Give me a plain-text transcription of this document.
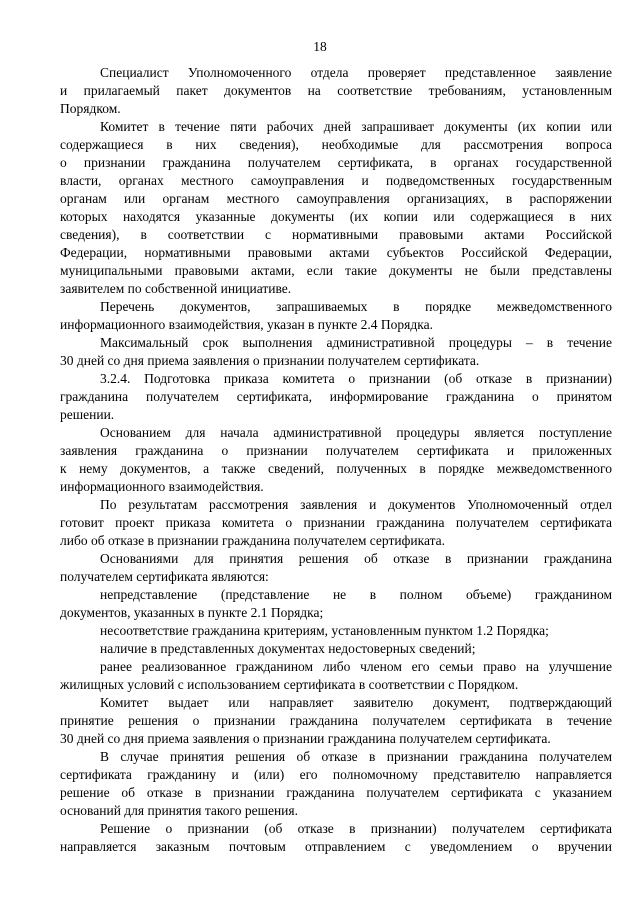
18
Специалист Уполномоченного отдела проверяет представленное заявление
и прилагаемый пакет документов на соответствие требованиям, установленным
Порядком.
Комитет в течение пяти рабочих дней запрашивает документы (их копии или
содержащиеся в них сведения), необходимые для рассмотрения вопроса
о признании гражданина получателем сертификата, в органах государственной
власти, органах местного самоуправления и подведомственных государственным
органам или органам местного самоуправления организациях, в распоряжении
которых находятся указанные документы (их копии или содержащиеся в них
сведения), в соответствии с нормативными правовыми актами Российской
Федерации, нормативными правовыми актами субъектов Российской Федерации,
муниципальными правовыми актами, если такие документы не были представлены
заявителем по собственной инициативе.
Перечень документов, запрашиваемых в порядке межведомственного
информационного взаимодействия, указан в пункте 2.4 Порядка.
Максимальный срок выполнения административной процедуры – в течение
30 дней со дня приема заявления о признании получателем сертификата.
3.2.4. Подготовка приказа комитета о признании (об отказе в признании)
гражданина получателем сертификата, информирование гражданина о принятом
решении.
Основанием для начала административной процедуры является поступление
заявления гражданина о признании получателем сертификата и приложенных
к нему документов, а также сведений, полученных в порядке межведомственного
информационного взаимодействия.
По результатам рассмотрения заявления и документов Уполномоченный отдел
готовит проект приказа комитета о признании гражданина получателем сертификата
либо об отказе в признании гражданина получателем сертификата.
Основаниями для принятия решения об отказе в признании гражданина
получателем сертификата являются:
непредставление (представление не в полном объеме) гражданином
документов, указанных в пункте 2.1 Порядка;
несоответствие гражданина критериям, установленным пунктом 1.2 Порядка;
наличие в представленных документах недостоверных сведений;
ранее реализованное гражданином либо членом его семьи право на улучшение
жилищных условий с использованием сертификата в соответствии с Порядком.
Комитет выдает или направляет заявителю документ, подтверждающий
принятие решения о признании гражданина получателем сертификата в течение
30 дней со дня приема заявления о признании гражданина получателем сертификата.
В случае принятия решения об отказе в признании гражданина получателем
сертификата гражданину и (или) его полномочному представителю направляется
решение об отказе в признании гражданина получателем сертификата с указанием
оснований для принятия такого решения.
Решение о признании (об отказе в признании) получателем сертификата
направляется заказным почтовым отправлением с уведомлением о вручении
